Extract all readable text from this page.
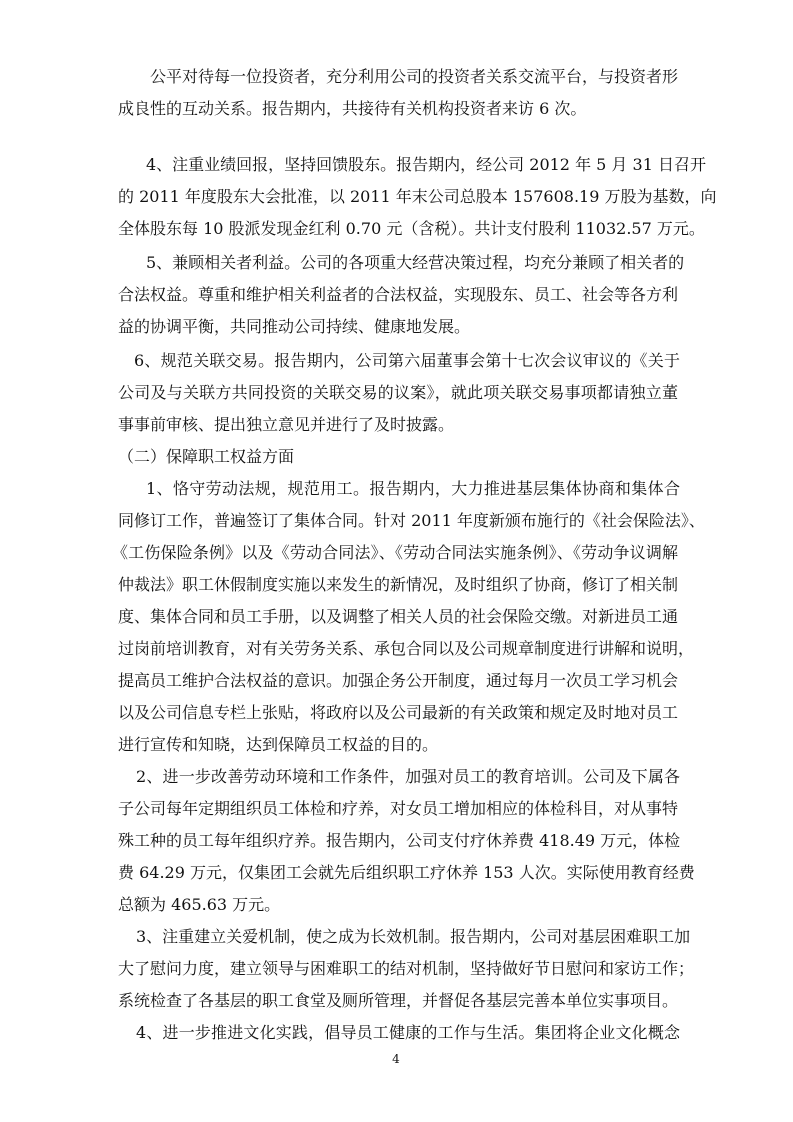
公平对待每一位投资者，充分利用公司的投资者关系交流平台，与投资者形
成良性的互动关系。报告期内，共接待有关机构投资者来访 6 次。
4、注重业绩回报，坚持回馈股东。报告期内，经公司 2012 年 5 月 31 日召开
的 2011 年度股东大会批准，以 2011 年末公司总股本 157608.19 万股为基数，向
全体股东每 10 股派发现金红利 0.70 元（含税）。共计支付股利 11032.57 万元。
5、兼顾相关者利益。公司的各项重大经营决策过程，均充分兼顾了相关者的
合法权益。尊重和维护相关利益者的合法权益，实现股东、员工、社会等各方利
益的协调平衡，共同推动公司持续、健康地发展。
6、规范关联交易。报告期内，公司第六届董事会第十七次会议审议的《关于
公司及与关联方共同投资的关联交易的议案》，就此项关联交易事项都请独立董
事事前审核、提出独立意见并进行了及时披露。
（二）保障职工权益方面
1、恪守劳动法规，规范用工。报告期内，大力推进基层集体协商和集体合
同修订工作，普遍签订了集体合同。针对 2011 年度新颁布施行的《社会保险法》、
《工伤保险条例》以及《劳动合同法》、《劳动合同法实施条例》、《劳动争议调解
仲裁法》职工休假制度实施以来发生的新情况，及时组织了协商，修订了相关制
度、集体合同和员工手册，以及调整了相关人员的社会保险交缴。对新进员工通
过岗前培训教育，对有关劳务关系、承包合同以及公司规章制度进行讲解和说明，
提高员工维护合法权益的意识。加强企务公开制度，通过每月一次员工学习机会
以及公司信息专栏上张贴，将政府以及公司最新的有关政策和规定及时地对员工
进行宣传和知晓，达到保障员工权益的目的。
2、进一步改善劳动环境和工作条件，加强对员工的教育培训。公司及下属各
子公司每年定期组织员工体检和疗养，对女员工增加相应的体检科目，对从事特
殊工种的员工每年组织疗养。报告期内，公司支付疗休养费 418.49 万元，体检
费 64.29 万元，仅集团工会就先后组织职工疗休养 153 人次。实际使用教育经费
总额为 465.63 万元。
3、注重建立关爱机制，使之成为长效机制。报告期内，公司对基层困难职工加
大了慰问力度，建立领导与困难职工的结对机制，坚持做好节日慰问和家访工作；
系统检查了各基层的职工食堂及厕所管理，并督促各基层完善本单位实事项目。
4、进一步推进文化实践，倡导员工健康的工作与生活。集团将企业文化概念
4
